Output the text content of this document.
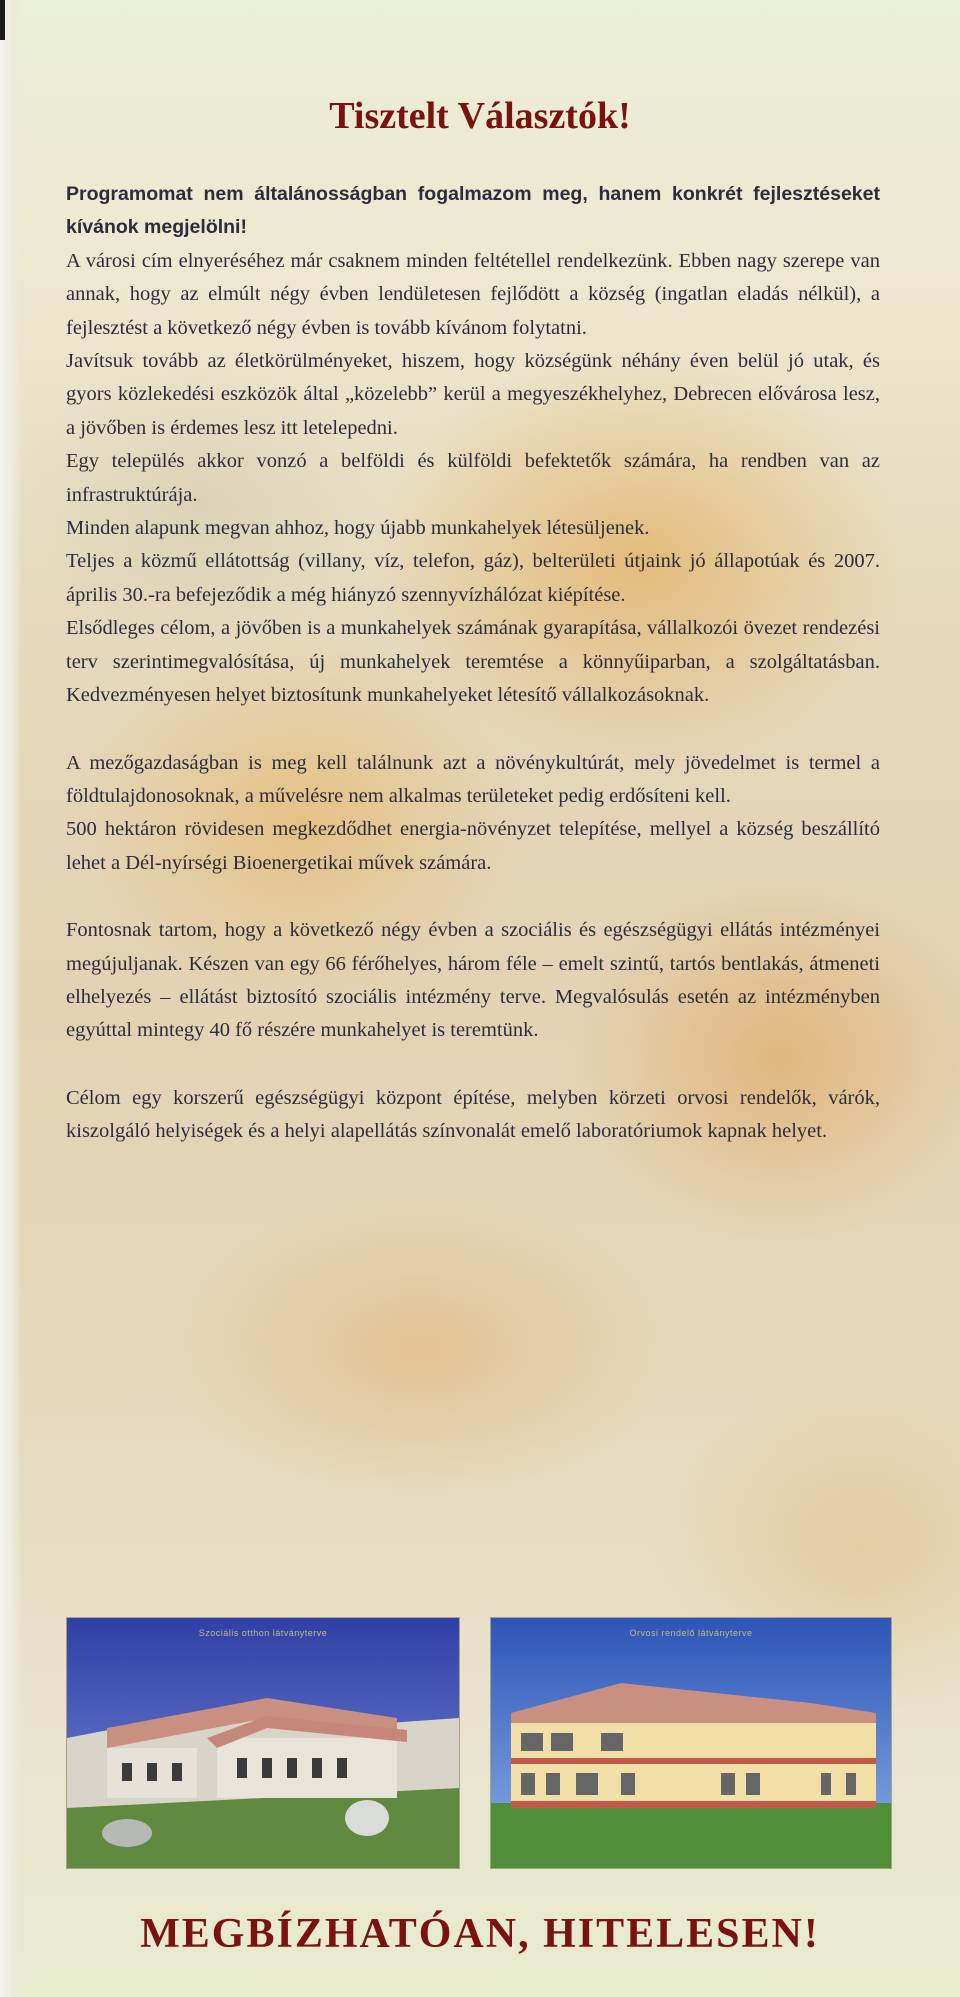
Tisztelt Választók!

Programomat nem általánosságban fogalmazom meg, hanem konkrét fejlesztéseket kívánok megjelölni!

A városi cím elnyeréséhez már csaknem minden feltétellel rendelkezünk. Ebben nagy szerepe van annak, hogy az elmúlt négy évben lendületesen fejlődött a község (ingatlan eladás nélkül), a fejlesztést a következő négy évben is tovább kívánom folytatni.

Javítsuk tovább az életkörülményeket, hiszem, hogy községünk néhány éven belül jó utak, és gyors közlekedési eszközök által „közelebb” kerül a megyeszékhelyhez, Debrecen elővárosa lesz, a jövőben is érdemes lesz itt letelepedni.

Egy település akkor vonzó a belföldi és külföldi befektetők számára, ha rendben van az infrastruktúrája.

Minden alapunk megvan ahhoz, hogy újabb munkahelyek létesüljenek.

Teljes a közmű ellátottság (villany, víz, telefon, gáz), belterületi útjaink jó állapotúak és 2007. április 30.-ra befejeződik a még hiányzó szennyvízhálózat kiépítése.

Elsődleges célom, a jövőben is a munkahelyek számának gyarapítása, vállalkozói övezet rendezési terv szerintimegvalósítása, új munkahelyek teremtése a könnyűiparban, a szolgáltatásban. Kedvezményesen helyet biztosítunk munkahelyeket létesítő vállalkozásoknak.

A mezőgazdaságban is meg kell találnunk azt a növénykultúrát, mely jövedelmet is termel a földtulajdonosoknak, a művelésre nem alkalmas területeket pedig erdősíteni kell.

500 hektáron rövidesen megkezdődhet energia-növényzet telepítése, mellyel a község beszállító lehet a Dél-nyírségi Bioenergetikai művek számára.

Fontosnak tartom, hogy a következő négy évben a szociális és egészségügyi ellátás intézményei megújuljanak. Készen van egy 66 férőhelyes, három féle – emelt szintű, tartós bentlakás, átmeneti elhelyezés – ellátást biztosító szociális intézmény terve. Megvalósulás esetén az intézményben egyúttal mintegy 40 fő részére munkahelyet is teremtünk.

Célom egy korszerű egészségügyi központ építése, melyben körzeti orvosi rendelők, várók, kiszolgáló helyiségek és a helyi alapellátás színvonalát emelő laboratóriumok kapnak helyet.

Szociális otthon látványterve	Orvosi rendelő látványterve
MEGBÍZHATÓAN, HITELESEN!
